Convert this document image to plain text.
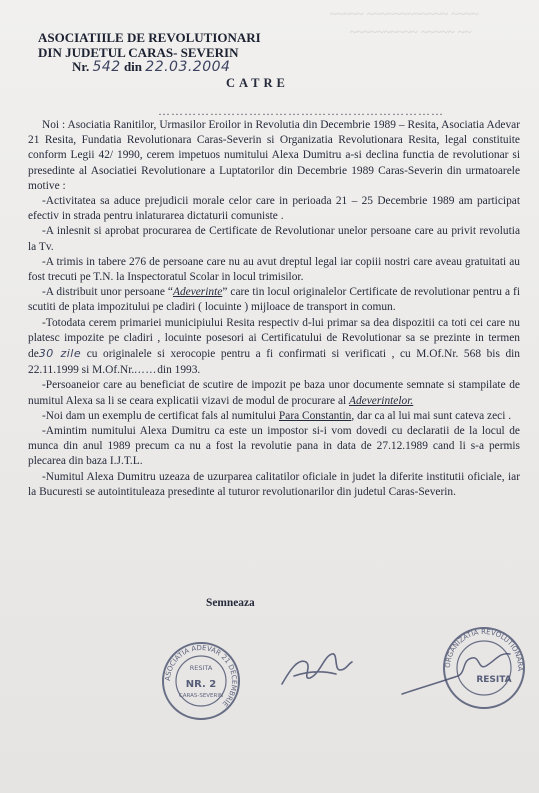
~~~~~ ~~~~~~~~~~~~ ~~~~
~~~~~~~~~~ ~~~~~ ~~
ASOCIATIILE DE REVOLUTIONARI
DIN JUDETUL CARAS- SEVERIN
Nr. 542 din 22.03.2004
CATRE
…………………………………………………………

Noi : Asociatia Ranitilor, Urmasilor Eroilor in Revolutia din Decembrie 1989 – Resita, Asociatia Adevar 21 Resita, Fundatia Revolutionara Caras-Severin si Organizatia Revolutionara Resita, legal constituite conform Legii 42/ 1990, cerem impetuos numitului Alexa Dumitru a-si declina functia de revolutionar si presedinte al Asociatiei Revolutionare a Luptatorilor din Decembrie 1989 Caras-Severin din urmatoarele motive :

-Activitatea sa aduce prejudicii morale celor care in perioada 21 – 25 Decembrie 1989 am participat efectiv in strada pentru inlaturarea dictaturii comuniste .

-A inlesnit si aprobat procurarea de Certificate de Revolutionar unelor persoane care au privit revolutia la Tv.

-A trimis in tabere 276 de persoane care nu au avut dreptul legal iar copiii nostri care aveau gratuitati au fost trecuti pe T.N. la Inspectoratul Scolar in locul trimisilor.

-A distribuit unor persoane “Adeverinte” care tin locul originalelor Certificate de revolutionar pentru a fi scutiti de plata impozitului pe cladiri ( locuinte ) mijloace de transport in comun.

-Totodata cerem primariei municipiului Resita respectiv d-lui primar sa dea dispozitii ca toti cei care nu platesc impozite pe cladiri , locuinte posesori ai Certificatului de Revolutionar sa se prezinte in termen de30 zile cu originalele si xerocopie pentru a fi confirmati si verificati , cu M.Of.Nr. 568 bis din 22.11.1999 si M.Of.Nr.……din 1993.

-Persoaneior care au beneficiat de scutire de impozit pe baza unor documente semnate si stampilate de numitul Alexa sa li se ceara explicatii vizavi de modul de procurare al Adeverintelor.

-Noi dam un exemplu de certificat fals al numitului Para Constantin, dar ca al lui mai sunt cateva zeci .

-Amintim numitului Alexa Dumitru ca este un impostor si-i vom dovedi cu declaratii de la locul de munca din anul 1989 precum ca nu a fost la revolutie pana in data de 27.12.1989 cand li s-a permis plecarea din baza I.J.T.L.

-Numitul Alexa Dumitru uzeaza de uzurparea calitatilor oficiale in judet la diferite institutii oficiale, iar la Bucuresti se autointituleaza presedinte al tuturor revolutionarilor din judetul Caras-Severin.

Semneaza
ASOCIATIA ADEVAR 21 DECEMBRIE
RESITA
NR. 2
CARAS-SEVERIN
ORGANIZATIA REVOLUTIONARA
RESITA
